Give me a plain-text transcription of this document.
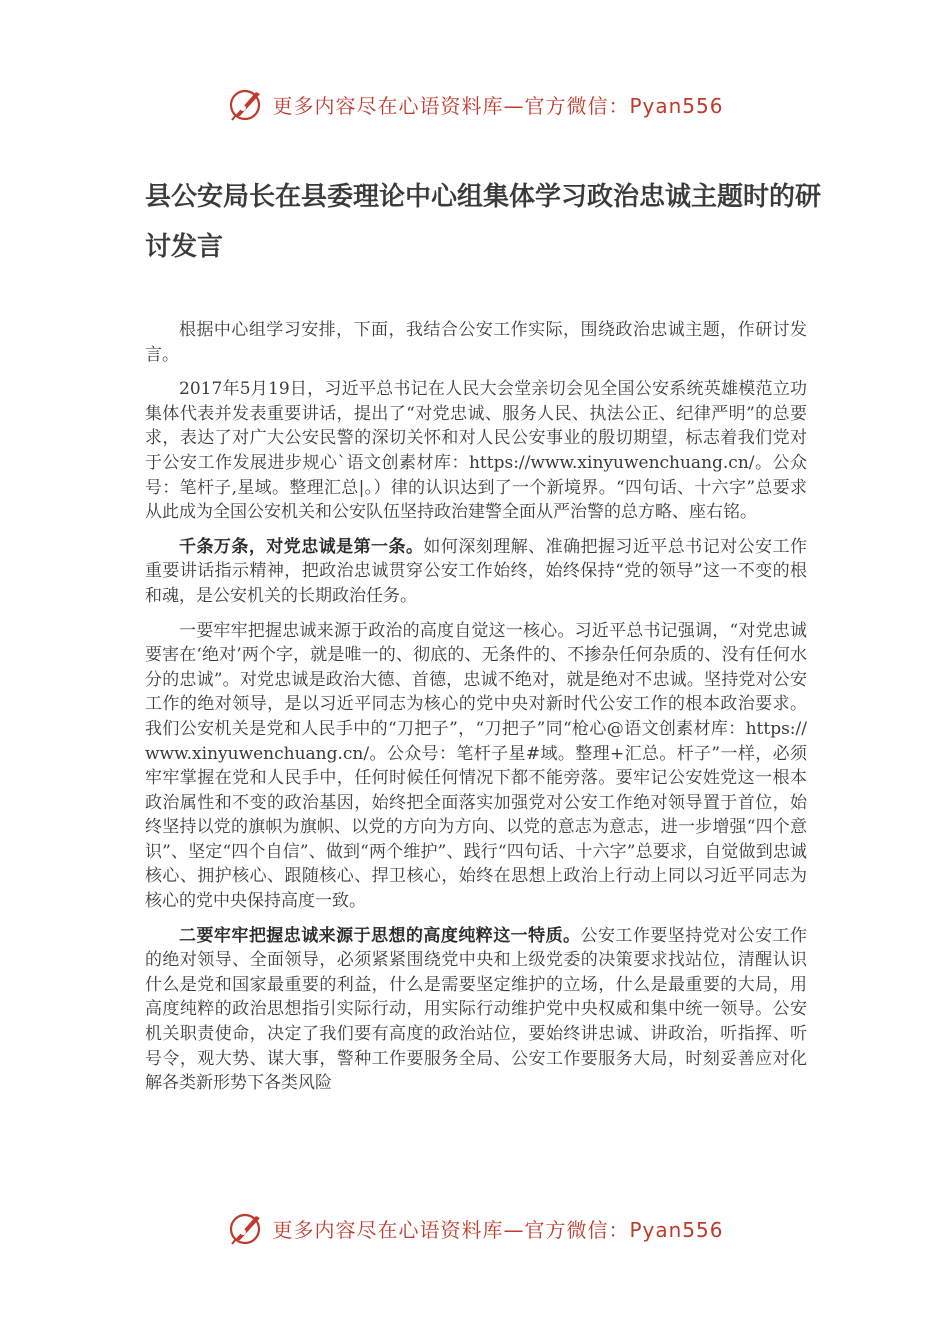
更多内容尽在心语资料库—官方微信：Pyan556
县公安局长在县委理论中心组集体学习政治忠诚主题时的研讨发言

根据中心组学习安排，下面，我结合公安工作实际，围绕政治忠诚主题，作研讨发言。

2017年5月19日，习近平总书记在人民大会堂亲切会见全国公安系统英雄模范立功集体代表并发表重要讲话，提出了“对党忠诚、服务人民、执法公正、纪律严明”的总要求，表达了对广大公安民警的深切关怀和对人民公安事业的殷切期望，标志着我们党对于公安工作发展进步规心`语文创素材库：https://www.xinyuwenchuang.cn/。公众号：笔杆子,星域。整理汇总|。）律的认识达到了一个新境界。“四句话、十六字”总要求从此成为全国公安机关和公安队伍坚持政治建警全面从严治警的总方略、座右铭。

千条万条，对党忠诚是第一条。如何深刻理解、准确把握习近平总书记对公安工作重要讲话指示精神，把政治忠诚贯穿公安工作始终，始终保持“党的领导”这一不变的根和魂，是公安机关的长期政治任务。

一要牢牢把握忠诚来源于政治的高度自觉这一核心。习近平总书记强调，“对党忠诚要害在‘绝对’两个字，就是唯一的、彻底的、无条件的、不掺杂任何杂质的、没有任何水分的忠诚”。对党忠诚是政治大德、首德，忠诚不绝对，就是绝对不忠诚。坚持党对公安工作的绝对领导，是以习近平同志为核心的党中央对新时代公安工作的根本政治要求。我们公安机关是党和人民手中的“刀把子”，“刀把子”同“枪心@语文创素材库：https://www.xinyuwenchuang.cn/。公众号：笔杆子星#域。整理+汇总。杆子”一样，必须牢牢掌握在党和人民手中，任何时候任何情况下都不能旁落。要牢记公安姓党这一根本政治属性和不变的政治基因，始终把全面落实加强党对公安工作绝对领导置于首位，始终坚持以党的旗帜为旗帜、以党的方向为方向、以党的意志为意志，进一步增强“四个意识”、坚定“四个自信”、做到“两个维护”、践行“四句话、十六字”总要求，自觉做到忠诚核心、拥护核心、跟随核心、捍卫核心，始终在思想上政治上行动上同以习近平同志为核心的党中央保持高度一致。

二要牢牢把握忠诚来源于思想的高度纯粹这一特质。公安工作要坚持党对公安工作的绝对领导、全面领导，必须紧紧围绕党中央和上级党委的决策要求找站位，清醒认识什么是党和国家最重要的利益，什么是需要坚定维护的立场，什么是最重要的大局，用高度纯粹的政治思想指引实际行动，用实际行动维护党中央权威和集中统一领导。公安机关职责使命，决定了我们要有高度的政治站位，要始终讲忠诚、讲政治，听指挥、听号令，观大势、谋大事，警种工作要服务全局、公安工作要服务大局，时刻妥善应对化解各类新形势下各类风险

更多内容尽在心语资料库—官方微信：Pyan556
